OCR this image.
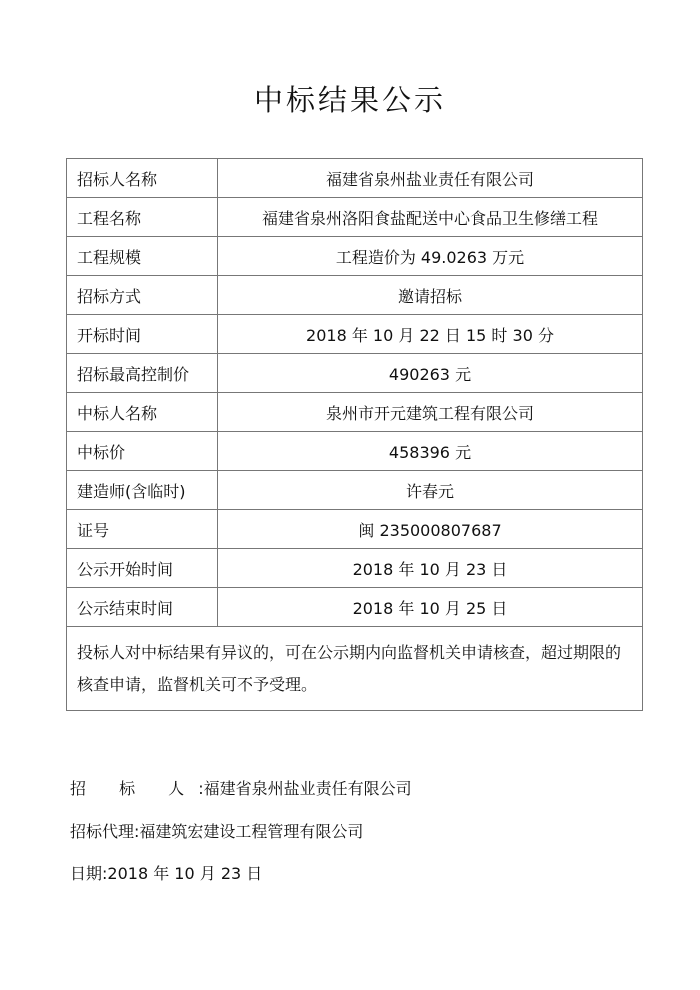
中标结果公示
招标人名称	福建省泉州盐业责任有限公司
工程名称	福建省泉州洛阳食盐配送中心食品卫生修缮工程
工程规模	工程造价为 49.0263 万元
招标方式	邀请招标
开标时间	2018 年 10 月 22 日 15 时 30 分
招标最高控制价	490263 元
中标人名称	泉州市开元建筑工程有限公司
中标价	458396 元
建造师(含临时)	许春元
证号	闽 235000807687
公示开始时间	2018 年 10 月 23 日
公示结束时间	2018 年 10 月 25 日
投标人对中标结果有异议的，可在公示期内向监督机关申请核查，超过期限的核查申请，监督机关可不予受理。	
招 标 人:福建省泉州盐业责任有限公司
招标代理:福建筑宏建设工程管理有限公司
日期:2018 年 10 月 23 日
